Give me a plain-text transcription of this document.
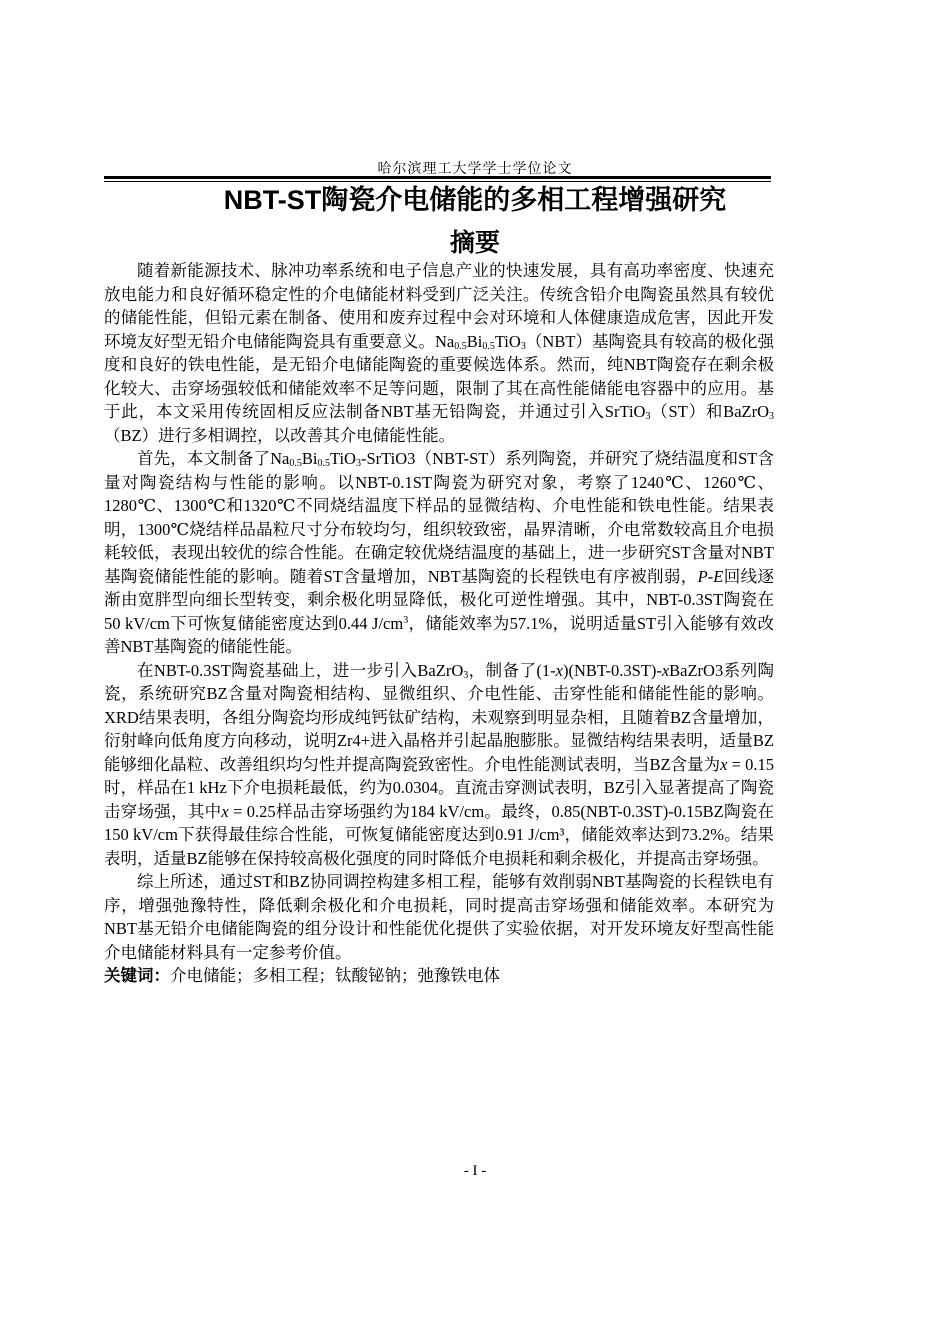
哈尔滨理工大学学士学位论文
NBT-ST陶瓷介电储能的多相工程增强研究
摘要

随着新能源技术、脉冲功率系统和电子信息产业的快速发展，具有高功率密度、快速充放电能力和良好循环稳定性的介电储能材料受到广泛关注。传统含铅介电陶瓷虽然具有较优的储能性能，但铅元素在制备、使用和废弃过程中会对环境和人体健康造成危害，因此开发环境友好型无铅介电储能陶瓷具有重要意义。$Na_{0.5}Bi_{0.5}TiO_3(NBT)$基陶瓷具有较高的极化强度和良好的铁电性能，是无铅介电储能陶瓷的重要候选体系。然而，纯NBT陶瓷存在剩余极化较大、击穿场强较低和储能效率不足等问题，限制了其在高性能储能电容器中的应用。基于此，本文采用传统固相反应法制备NBT基无铅陶瓷，并通过引入SrTiO$_3$（ST）和BaZrO$_3$（BZ）进行多相调控，以改善其介电储能性能。

首先，本文制备了$Na_{0.5}Bi_{0.5}TiO_3-SrTiO3(NBT-ST)$系列陶瓷，并研究了烧结温度和ST含量对陶瓷结构与性能的影响。以NBT-0.1ST陶瓷为研究对象，考察了1240℃、1260℃、1280℃、1300℃和1320℃不同烧结温度下样品的显微结构、介电性能和铁电性能。结果表明，1300℃烧结样品晶粒尺寸分布较均匀，组织较致密，晶界清晰，介电常数较高且介电损耗较低，表现出较优的综合性能。在确定较优烧结温度的基础上，进一步研究ST含量对NBT基陶瓷储能性能的影响。随着ST含量增加，NBT基陶瓷的长程铁电有序被削弱，P-E回线逐渐由宽胖型向细长型转变，剩余极化明显降低，极化可逆性增强。其中，NBT-0.3ST陶瓷在50 kV/cm下可恢复储能密度达到0.44 $J/cm^3$，储能效率为57.1%，说明适量ST引入能够有效改善NBT基陶瓷的储能性能。

在NBT-0.3ST陶瓷基础上，进一步引入BaZrO$_3$，制备了(1-x)(NBT-0.3ST)-xBaZrO3系列陶瓷，系统研究BZ含量对陶瓷相结构、显微组织、介电性能、击穿性能和储能性能的影响。XRD结果表明，各组分陶瓷均形成纯钙钛矿结构，未观察到明显杂相，且随着BZ含量增加，衍射峰向低角度方向移动，说明Zr4+进入晶格并引起晶胞膨胀。显微结构结果表明，适量BZ能够细化晶粒、改善组织均匀性并提高陶瓷致密性。介电性能测试表明，当BZ含量为x = 0.15时，样品在1 kHz下介电损耗最低，约为0.0304。直流击穿测试表明，BZ引入显著提高了陶瓷击穿场强，其中x = 0.25样品击穿场强约为184 kV/cm。最终，0.85(NBT-0.3ST)-0.15BZ陶瓷在150 kV/cm下获得最佳综合性能，可恢复储能密度达到0.91 J/cm³，储能效率达到73.2%。结果表明，适量BZ能够在保持较高极化强度的同时降低介电损耗和剩余极化，并提高击穿场强。

综上所述，通过ST和BZ协同调控构建多相工程，能够有效削弱NBT基陶瓷的长程铁电有序，增强弛豫特性，降低剩余极化和介电损耗，同时提高击穿场强和储能效率。本研究为NBT基无铅介电储能陶瓷的组分设计和性能优化提供了实验依据，对开发环境友好型高性能介电储能材料具有一定参考价值。

关键词：介电储能；多相工程；钛酸铋钠；弛豫铁电体

- I -
